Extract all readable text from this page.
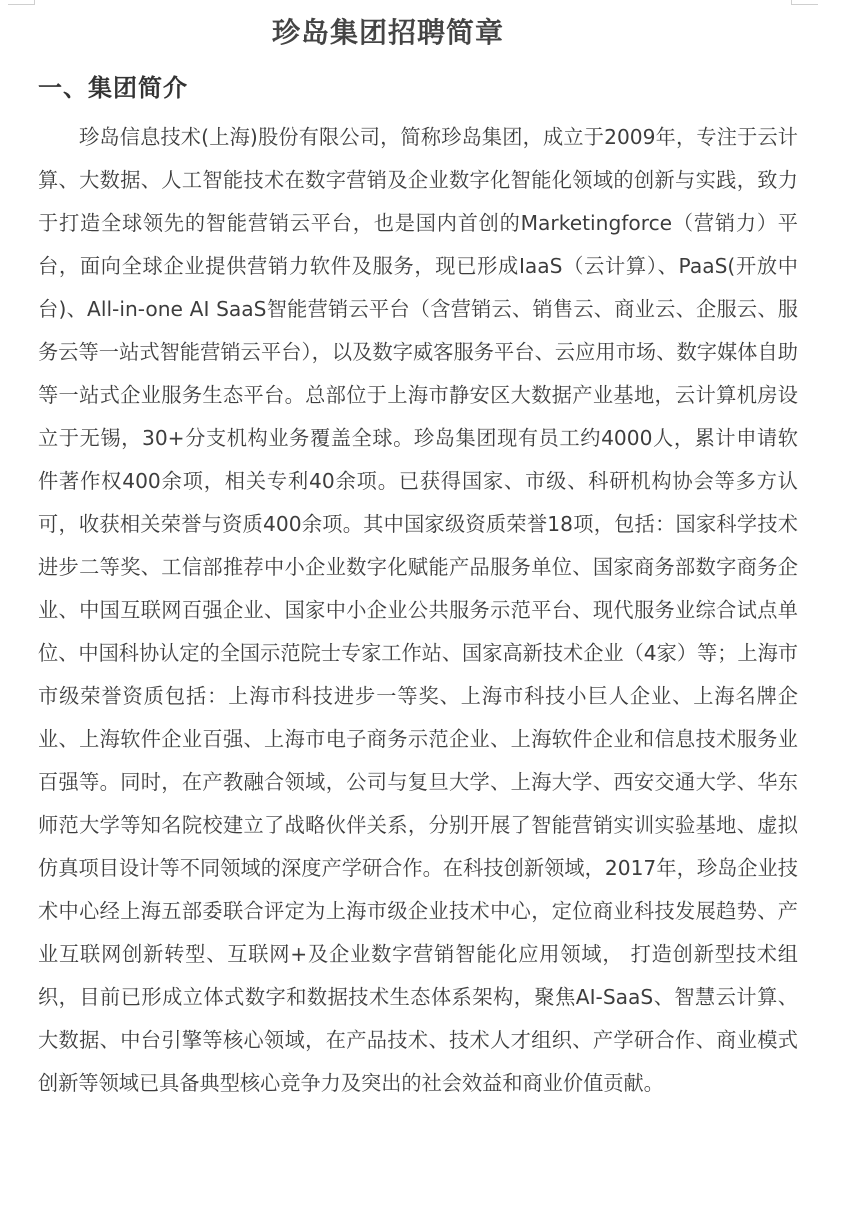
珍岛集团招聘简章
一、集团简介

珍岛信息技术(上海)股份有限公司，简称珍岛集团，成立于2009年，专注于云计算、大数据、人工智能技术在数字营销及企业数字化智能化领域的创新与实践，致力于打造全球领先的智能营销云平台，也是国内首创的Marketingforce（营销力）平台，面向全球企业提供营销力软件及服务，现已形成IaaS（云计算）、PaaS(开放中台)、All-in-one AI SaaS智能营销云平台（含营销云、销售云、商业云、企服云、服务云等一站式智能营销云平台），以及数字威客服务平台、云应用市场、数字媒体自助等一站式企业服务生态平台。总部位于上海市静安区大数据产业基地，云计算机房设立于无锡，30+分支机构业务覆盖全球。珍岛集团现有员工约4000人，累计申请软件著作权400余项，相关专利40余项。已获得国家、市级、科研机构协会等多方认可，收获相关荣誉与资质400余项。其中国家级资质荣誉18项，包括：国家科学技术进步二等奖、工信部推荐中小企业数字化赋能产品服务单位、国家商务部数字商务企业、中国互联网百强企业、国家中小企业公共服务示范平台、现代服务业综合试点单位、中国科协认定的全国示范院士专家工作站、国家高新技术企业（4家）等；上海市市级荣誉资质包括：上海市科技进步一等奖、上海市科技小巨人企业、上海名牌企业、上海软件企业百强、上海市电子商务示范企业、上海软件企业和信息技术服务业百强等。同时，在产教融合领域，公司与复旦大学、上海大学、西安交通大学、华东师范大学等知名院校建立了战略伙伴关系，分别开展了智能营销实训实验基地、虚拟仿真项目设计等不同领域的深度产学研合作。在科技创新领域，2017年，珍岛企业技术中心经上海五部委联合评定为上海市级企业技术中心，定位商业科技发展趋势、产业互联网创新转型、互联网+及企业数字营销智能化应用领域， 打造创新型技术组织，目前已形成立体式数字和数据技术生态体系架构，聚焦AI-SaaS、智慧云计算、大数据、中台引擎等核心领域，在产品技术、技术人才组织、产学研合作、商业模式创新等领域已具备典型核心竞争力及突出的社会效益和商业价值贡献。
